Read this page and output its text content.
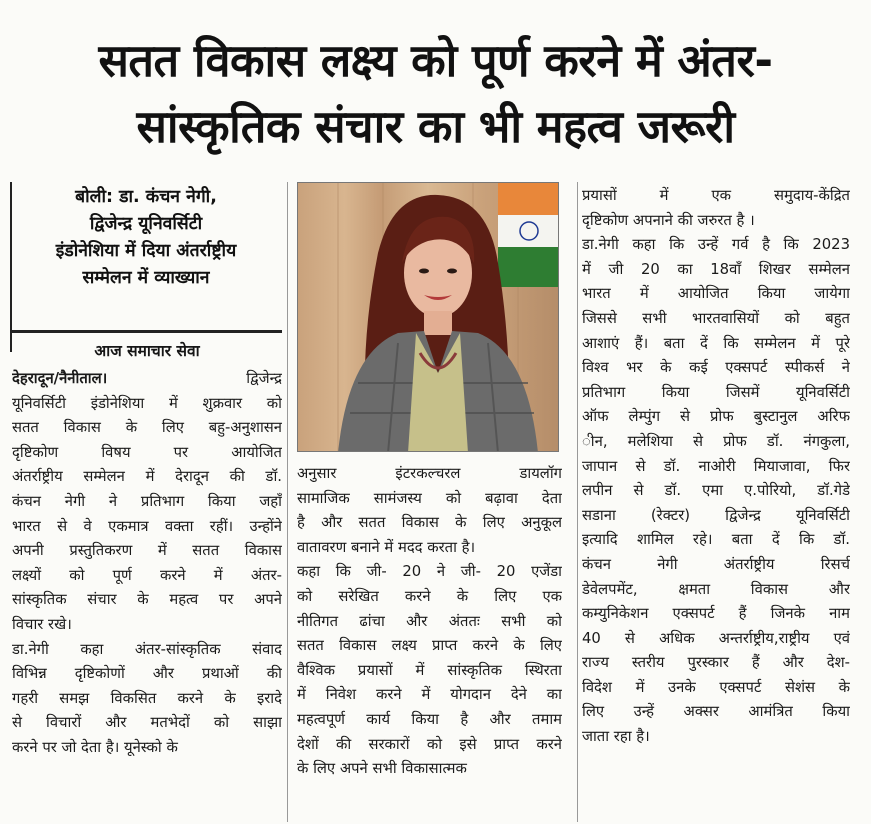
सतत विकास लक्ष्य को पूर्ण करने में अंतर-
सांस्कृतिक संचार का भी महत्व जरूरी
बोली: डा. कंचन नेगी,
द्विजेन्द्र यूनिवर्सिटी
इंडोनेशिया में दिया अंतर्राष्ट्रीय
सम्मेलन में व्याख्यान
आज समाचार सेवा
देहरादून/नैनीताल। द्विजेन्द्र
यूनिवर्सिटी इंडोनेशिया में शुक्रवार को
सतत विकास के लिए बहु-अनुशासन
दृष्टिकोण विषय पर आयोजित
अंतर्राष्ट्रीय सम्मेलन में देरादून की डॉ.
कंचन नेगी ने प्रतिभाग किया जहाँ
भारत से वे एकमात्र वक्ता रहीं। उन्होंने
अपनी प्रस्तुतिकरण में सतत विकास
लक्ष्यों को पूर्ण करने में अंतर-
सांस्कृतिक संचार के महत्व पर अपने
विचार रखे।
डा.नेगी कहा अंतर-सांस्कृतिक संवाद
विभिन्न दृष्टिकोणों और प्रथाओं की
गहरी समझ विकसित करने के इरादे
से विचारों और मतभेदों को साझा
करने पर जो देता है। यूनेस्को के
अनुसार इंटरकल्चरल डायलॉग
सामाजिक सामंजस्य को बढ़ावा देता
है और सतत विकास के लिए अनुकूल
वातावरण बनाने में मदद करता है।
कहा कि जी- 20 ने जी- 20 एजेंडा
को सरेखित करने के लिए एक
नीतिगत ढांचा और अंततः सभी को
सतत विकास लक्ष्य प्राप्त करने के लिए
वैश्विक प्रयासों में सांस्कृतिक स्थिरता
में निवेश करने में योगदान देने का
महत्वपूर्ण कार्य किया है और तमाम
देशों की सरकारों को इसे प्राप्त करने
के लिए अपने सभी विकासात्मक
प्रयासों में एक समुदाय-केंद्रित
दृष्टिकोण अपनाने की जरुरत है ।
डा.नेगी कहा कि उन्हें गर्व है कि 2023
में जी 20 का 18वाँ शिखर सम्मेलन
भारत में आयोजित किया जायेगा
जिससे सभी भारतवासियों को बहुत
आशाएं हैं। बता दें कि सम्मेलन में पूरे
विश्व भर के कई एक्सपर्ट स्पीकर्स ने
प्रतिभाग किया जिसमें यूनिवर्सिटी
ऑफ लेम्पुंग से प्रोफ बुस्टानुल अरिफ
ीन, मलेशिया से प्रोफ डॉ. नंगकुला,
जापान से डॉ. नाओरी मियाजावा, फिर
लपीन से डॉ. एमा ए.पोरियो, डॉ.गेडे
सडाना (रेक्टर) द्विजेन्द्र यूनिवर्सिटी
इत्यादि शामिल रहे। बता दें कि डॉ.
कंचन नेगी अंतर्राष्ट्रीय रिसर्च
डेवेलपमेंट, क्षमता विकास और
कम्युनिकेशन एक्सपर्ट हैं जिनके नाम
40 से अधिक अन्तर्राष्ट्रीय,राष्ट्रीय एवं
राज्य स्तरीय पुरस्कार हैं और देश-
विदेश में उनके एक्सपर्ट सेशंस के
लिए उन्हें अक्सर आमंत्रित किया
जाता रहा है।
